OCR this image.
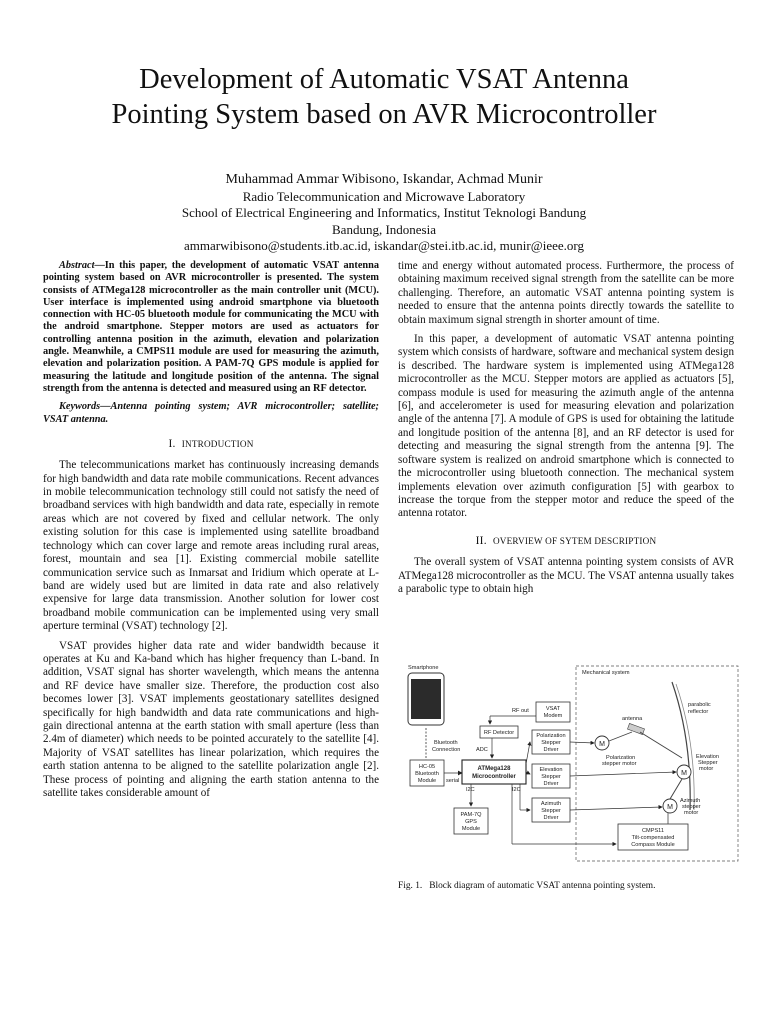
Development of Automatic VSAT Antenna
Pointing System based on AVR Microcontroller
Muhammad Ammar Wibisono, Iskandar, Achmad Munir
Radio Telecommunication and Microwave Laboratory
School of Electrical Engineering and Informatics, Institut Teknologi Bandung
Bandung, Indonesia
ammarwibisono@students.itb.ac.id, iskandar@stei.itb.ac.id, munir@ieee.org

Abstract—In this paper, the development of automatic VSAT antenna pointing system based on AVR microcontroller is presented. The system consists of ATMega128 microcontroller as the main controller unit (MCU). User interface is implemented using android smartphone via bluetooth connection with HC-05 bluetooth module for communicating the MCU with the android smartphone. Stepper motors are used as actuators for controlling antenna position in the azimuth, elevation and polarization angle. Meanwhile, a CMPS11 module are used for measuring the azimuth, elevation and polarization position. A PAM-7Q GPS module is applied for measuring the latitude and longitude position of the antenna. The signal strength from the antenna is detected and measured using an RF detector.

Keywords—Antenna pointing system; AVR microcontroller; satellite; VSAT antenna.

I. INTRODUCTION

The telecommunications market has continuously increasing demands for high bandwidth and data rate mobile communications. Recent advances in mobile telecommunication technology still could not satisfy the need of broadband services with high bandwidth and data rate, especially in remote areas which are not covered by fixed and cellular network. The only existing solution for this case is implemented using satellite broadband technology which can cover large and remote areas including rural areas, forest, mountain and sea [1]. Existing commercial mobile satellite communication service such as Inmarsat and Iridium which operate at L-band are widely used but are limited in data rate and also relatively expensive for large data transmission. Another solution for lower cost broadband mobile communication can be implemented using very small aperture terminal (VSAT) technology [2].

VSAT provides higher data rate and wider bandwidth because it operates at Ku and Ka-band which has higher frequency than L-band. In addition, VSAT signal has shorter wavelength, which means the antenna and RF device have smaller size. Therefore, the production cost also becomes lower [3]. VSAT implements geostationary satellites designed specifically for high bandwidth and data rate communications and high-gain directional antenna at the earth station with small aperture (less than 2.4m of diameter) which needs to be pointed accurately to the satellite [4]. Majority of VSAT satellites has linear polarization, which requires the earth station antenna to be aligned to the satellite polarization angle [2]. These process of pointing and aligning the earth station antenna to the satellite takes considerable amount of

time and energy without automated process. Furthermore, the process of obtaining maximum received signal strength from the satellite can be more challenging. Therefore, an automatic VSAT antenna pointing system is needed to ensure that the antenna points directly towards the satellite to obtain maximum signal strength in shorter amount of time.

In this paper, a development of automatic VSAT antenna pointing system which consists of hardware, software and mechanical system design is described. The hardware system is implemented using ATMega128 microcontroller as the MCU. Stepper motors are applied as actuators [5], compass module is used for measuring the azimuth angle of the antenna [6], and accelerometer is used for measuring elevation and polarization angle of the antenna [7]. A module of GPS is used for obtaining the latitude and longitude position of the antenna [8], and an RF detector is used for detecting and measuring the signal strength from the antenna [9]. The software system is realized on android smartphone which is connected to the microcontroller using bluetooth connection. The mechanical system implements elevation over azimuth configuration [5] with gearbox to increase the torque from the stepper motor and reduce the speed of the antenna rotator.

II. OVERVIEW OF SYTEM DESCRIPTION

The overall system of VSAT antenna pointing system consists of AVR ATMega128 microcontroller as the MCU. The VSAT antenna usually takes a parabolic type to obtain high

Smartphone
Mechanical system
Bluetooth
Connection
HC-05
Bluetooth
Module serial
VSAT
Modem
RF out
RF Detector
ADC
ATMega128
Microcontroller
I2C	I2C
Polarization
Stepper
Driver
Elevation
Stepper
Driver
Azimuth
Stepper
Driver
PAM-7Q
GPS
Module
parabolic
reflector
antenna
M
Polarization
stepper motor
M
Elevation
Stepper
motor
M
Azimuth
stepper
motor
CMPS11
Tilt-compensated
Compass Module
Fig. 1. Block diagram of automatic VSAT antenna pointing system.
